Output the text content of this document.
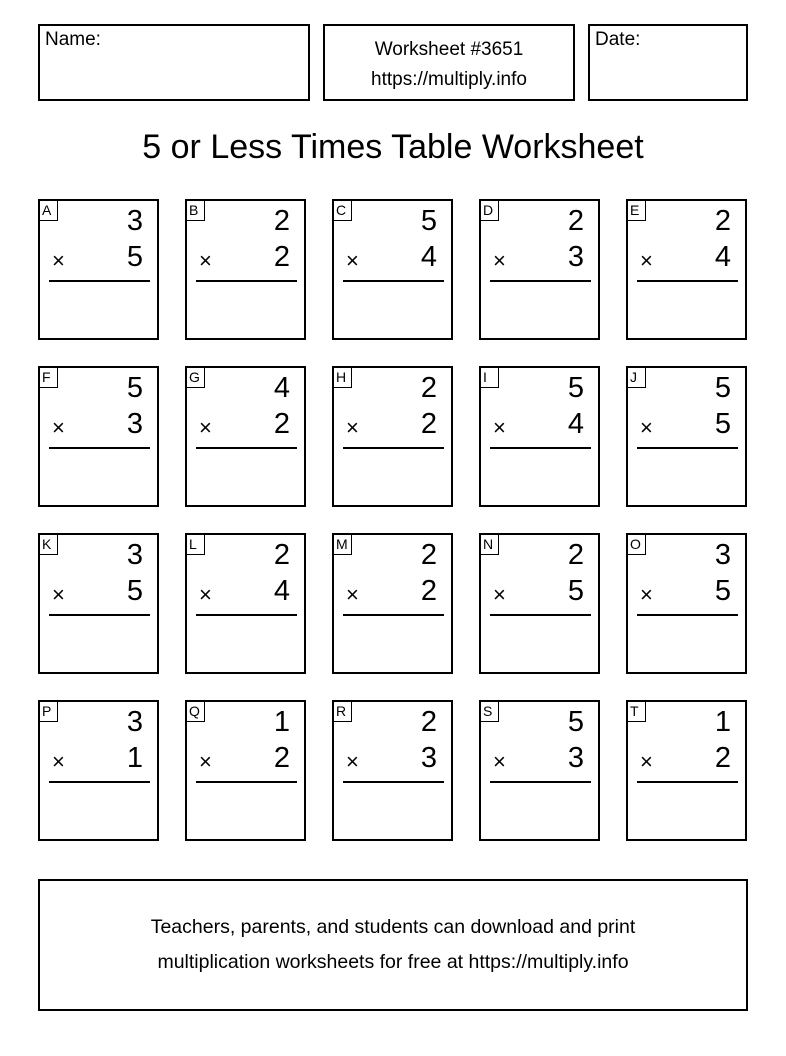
Name:	Worksheet #3651
https://multiply.info
Date:
5 or Less Times Table Worksheet
A	3
× 5
B	2
× 2
C	5
× 4
D	2
× 3
E	2
× 4
F	5
× 3
G	4
× 2
H	2
× 2
I	5
× 4
J	5
× 5
K	3
× 5
L	2
× 4
M	2
× 2
N	2
× 5
O	3
× 5
P	3
× 1
Q	1
× 2
R	2
× 3
S	5
× 3
T	1
× 2
Teachers, parents, and students can download and print
multiplication worksheets for free at https://multiply.info
